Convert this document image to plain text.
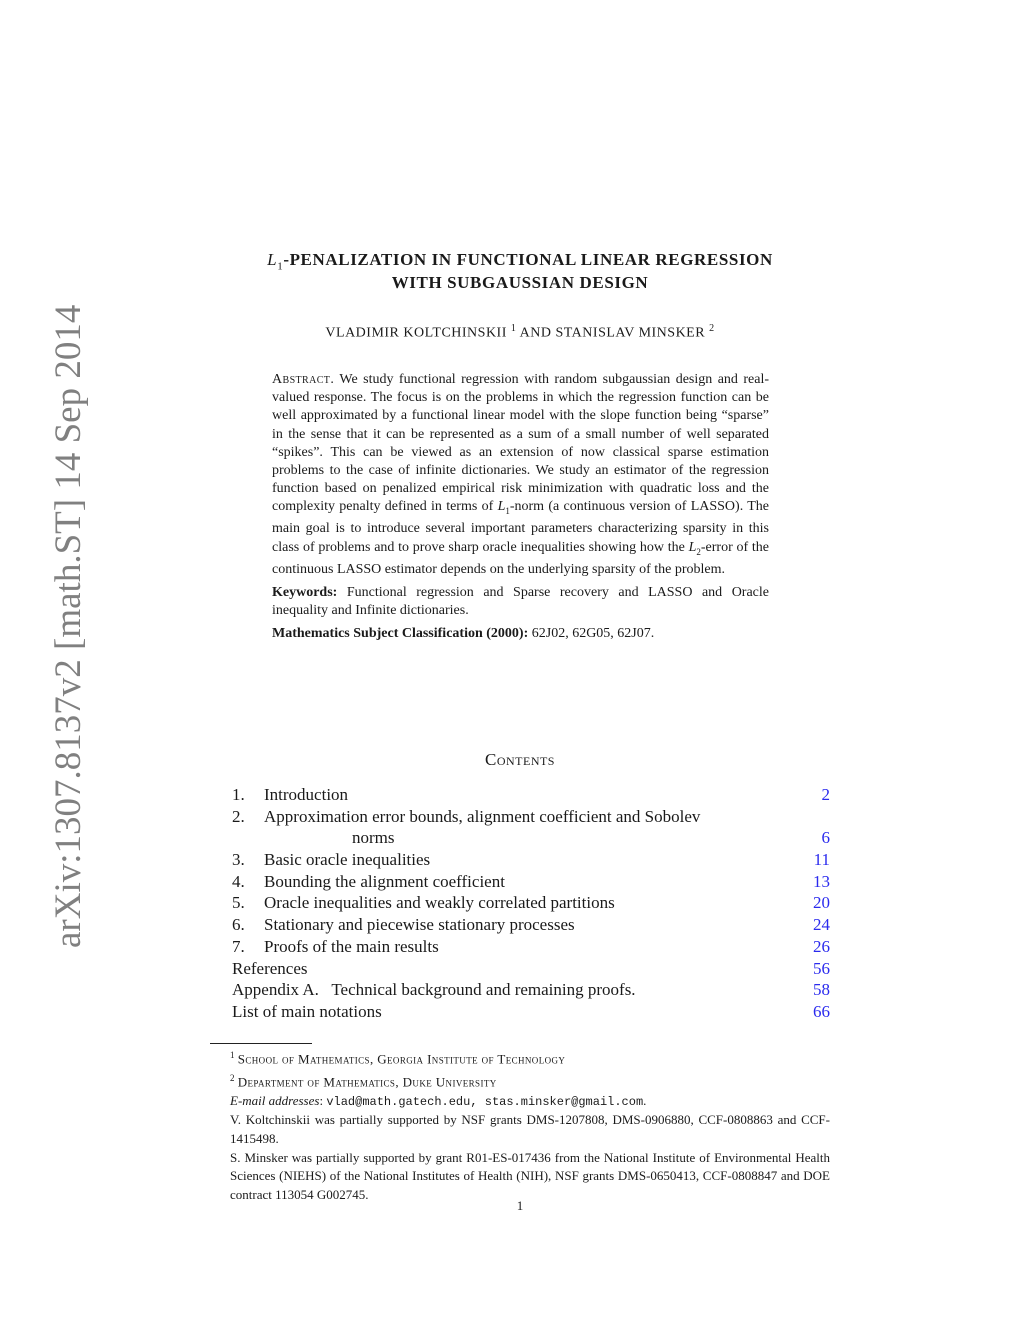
arXiv:1307.8137v2 [math.ST] 14 Sep 2014
$L_1$-PENALIZATION IN FUNCTIONAL LINEAR REGRESSION
WITH SUBGAUSSIAN DESIGN
VLADIMIR KOLTCHINSKII $^1$ AND STANISLAV MINSKER $^2$
Abstract. We study functional regression with random subgaussian design and real-valued response. The focus is on the problems in which the regression function can be well approximated by a functional linear model with the slope function being “sparse” in the sense that it can be represented as a sum of a small number of well separated “spikes”. This can be viewed as an extension of now classical sparse estimation problems to the case of infinite dictionaries. We study an estimator of the regression function based on penalized empirical risk minimization with quadratic loss and the complexity penalty defined in terms of $L_1$-norm (a continuous version of LASSO). The main goal is to introduce several important parameters characterizing sparsity in this class of problems and to prove sharp oracle inequalities showing how the $L_2$-error of the continuous LASSO estimator depends on the underlying sparsity of the problem.
Keywords: Functional regression and Sparse recovery and LASSO and Oracle inequality and Infinite dictionaries.
Mathematics Subject Classification (2000): 62J02, 62G05, 62J07.
Contents
1. Introduction	2
2. Approximation error bounds, alignment coefficient and Sobolev
norms	6
3. Basic oracle inequalities	11
4. Bounding the alignment coefficient	13
5. Oracle inequalities and weakly correlated partitions	20
6. Stationary and piecewise stationary processes	24
7. Proofs of the main results	26
References	56
Appendix A.   Technical background and remaining proofs.	58
List of main notations	66
$^1$ School of Mathematics, Georgia Institute of Technology
$^2$ Department of Mathematics, Duke University
E-mail addresses: vlad@math.gatech.edu, stas.minsker@gmail.com.
V. Koltchinskii was partially supported by NSF grants DMS-1207808, DMS-0906880, CCF-0808863 and CCF-1415498.
S. Minsker was partially supported by grant R01-ES-017436 from the National Institute of Environmental Health Sciences (NIEHS) of the National Institutes of Health (NIH), NSF grants DMS-0650413, CCF-0808847 and DOE contract 113054 G002745.
1
